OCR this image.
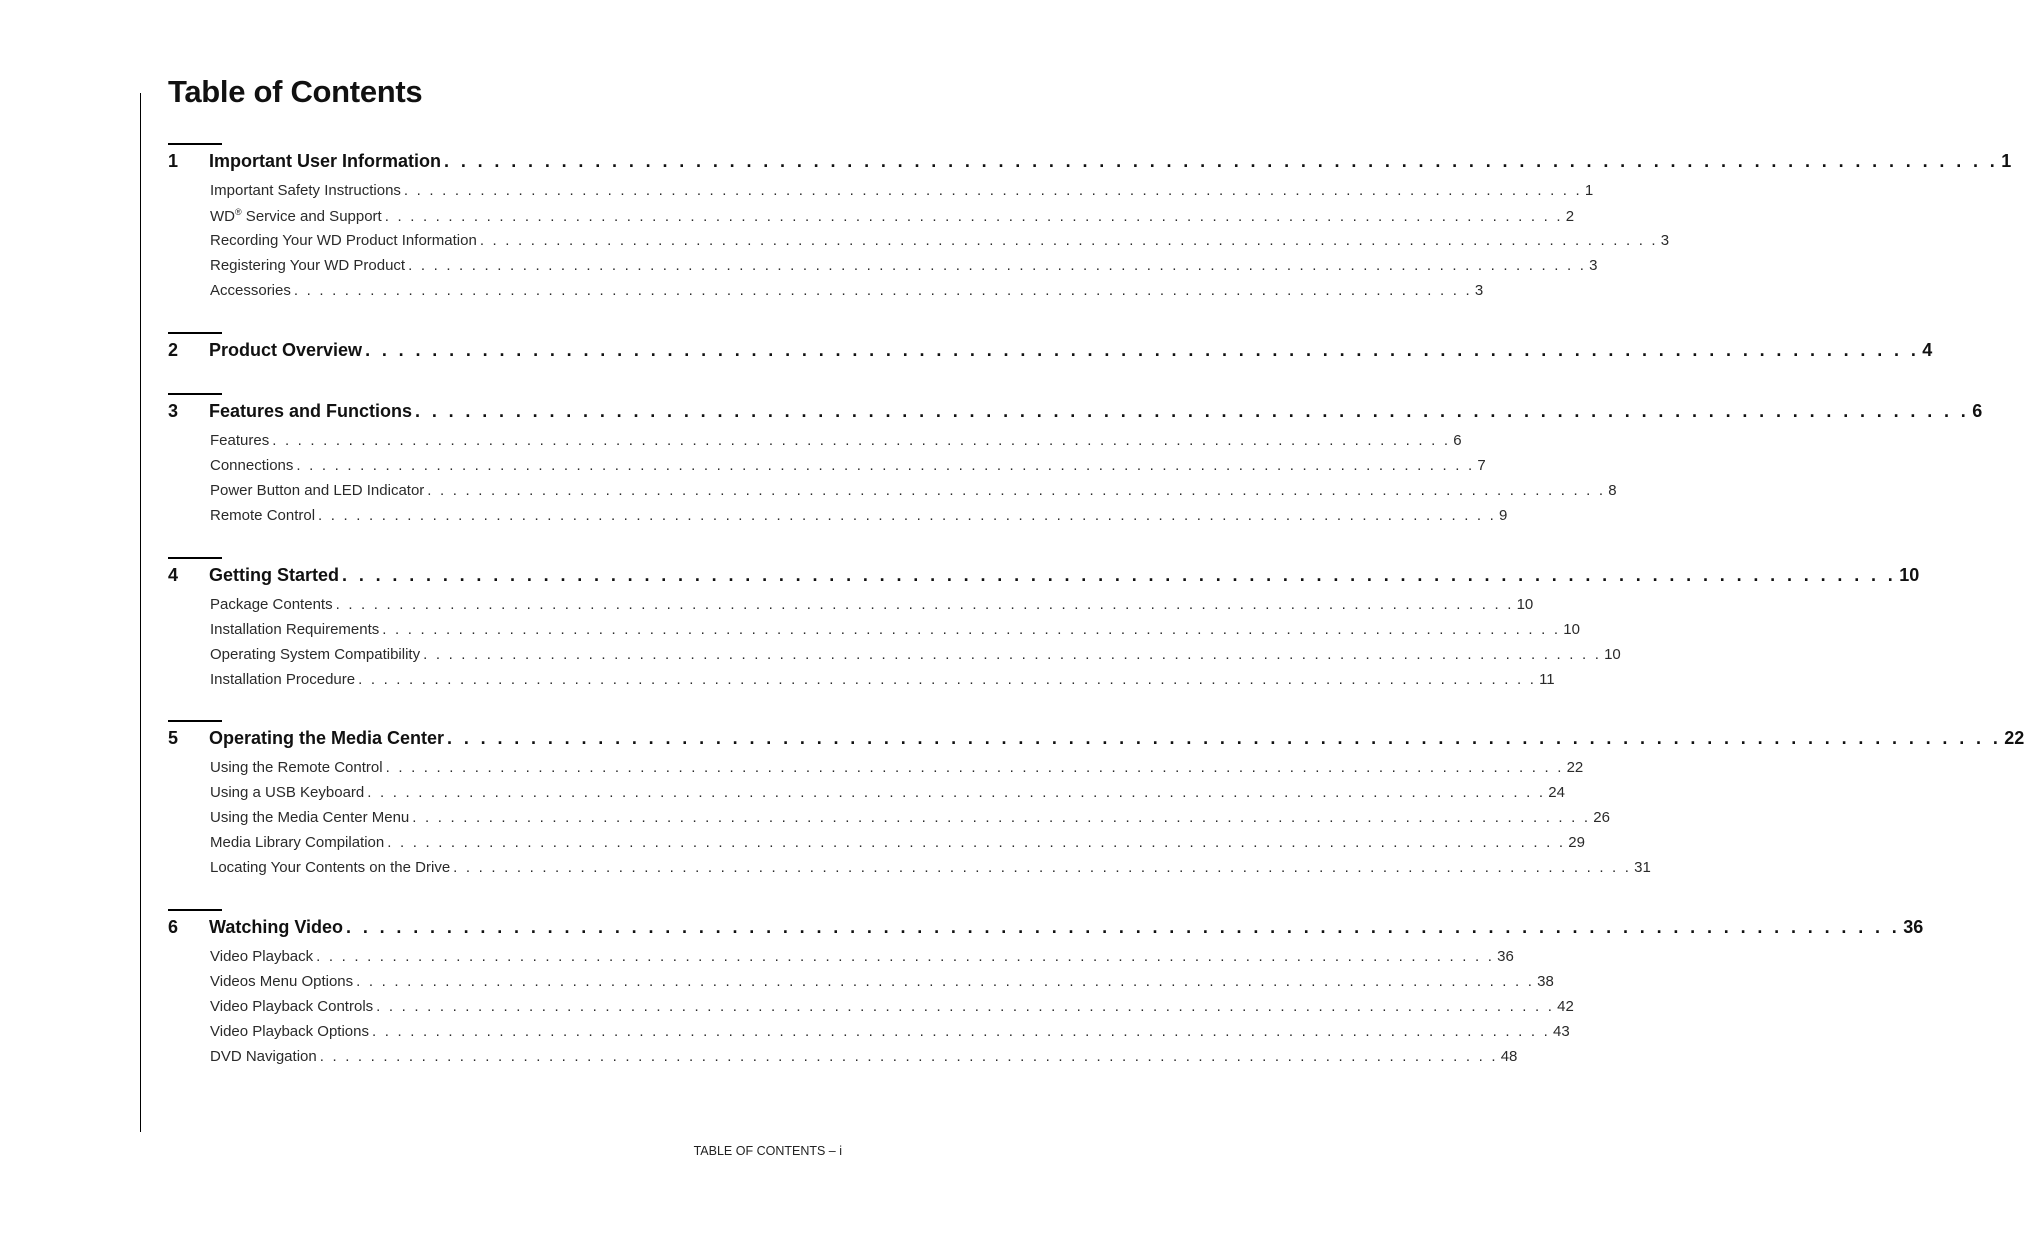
Table of Contents
1	Important User Information . . . . . . . . . . . . . . . . . . . . . . . . . . . . . . . . . . . . . . . . . . . . . . . . . . . . . . . . . . . . . . . . . . . . . . . . . . . . . . . . . . . . . . . . . . . . . 1
Important Safety Instructions . . . . . . . . . . . . . . . . . . . . . . . . . . . . . . . . . . . . . . . . . . . . . . . . . . . . . . . . . . . . . . . . . . . . . . . . . . . . . . . . . . . . . . . . . . . . . 1
WD® Service and Support . . . . . . . . . . . . . . . . . . . . . . . . . . . . . . . . . . . . . . . . . . . . . . . . . . . . . . . . . . . . . . . . . . . . . . . . . . . . . . . . . . . . . . . . . . . . . 2
Recording Your WD Product Information . . . . . . . . . . . . . . . . . . . . . . . . . . . . . . . . . . . . . . . . . . . . . . . . . . . . . . . . . . . . . . . . . . . . . . . . . . . . . . . . . . . . . . . . . . . . . 3
Registering Your WD Product . . . . . . . . . . . . . . . . . . . . . . . . . . . . . . . . . . . . . . . . . . . . . . . . . . . . . . . . . . . . . . . . . . . . . . . . . . . . . . . . . . . . . . . . . . . . . 3
Accessories . . . . . . . . . . . . . . . . . . . . . . . . . . . . . . . . . . . . . . . . . . . . . . . . . . . . . . . . . . . . . . . . . . . . . . . . . . . . . . . . . . . . . . . . . . . . . 3
2	Product Overview . . . . . . . . . . . . . . . . . . . . . . . . . . . . . . . . . . . . . . . . . . . . . . . . . . . . . . . . . . . . . . . . . . . . . . . . . . . . . . . . . . . . . . . . . . . . . 4
3	Features and Functions . . . . . . . . . . . . . . . . . . . . . . . . . . . . . . . . . . . . . . . . . . . . . . . . . . . . . . . . . . . . . . . . . . . . . . . . . . . . . . . . . . . . . . . . . . . . . 6
Features . . . . . . . . . . . . . . . . . . . . . . . . . . . . . . . . . . . . . . . . . . . . . . . . . . . . . . . . . . . . . . . . . . . . . . . . . . . . . . . . . . . . . . . . . . . . . 6
Connections . . . . . . . . . . . . . . . . . . . . . . . . . . . . . . . . . . . . . . . . . . . . . . . . . . . . . . . . . . . . . . . . . . . . . . . . . . . . . . . . . . . . . . . . . . . . . 7
Power Button and LED Indicator . . . . . . . . . . . . . . . . . . . . . . . . . . . . . . . . . . . . . . . . . . . . . . . . . . . . . . . . . . . . . . . . . . . . . . . . . . . . . . . . . . . . . . . . . . . . . 8
Remote Control . . . . . . . . . . . . . . . . . . . . . . . . . . . . . . . . . . . . . . . . . . . . . . . . . . . . . . . . . . . . . . . . . . . . . . . . . . . . . . . . . . . . . . . . . . . . . 9
4	Getting Started . . . . . . . . . . . . . . . . . . . . . . . . . . . . . . . . . . . . . . . . . . . . . . . . . . . . . . . . . . . . . . . . . . . . . . . . . . . . . . . . . . . . . . . . . . . . . 10
Package Contents . . . . . . . . . . . . . . . . . . . . . . . . . . . . . . . . . . . . . . . . . . . . . . . . . . . . . . . . . . . . . . . . . . . . . . . . . . . . . . . . . . . . . . . . . . . . . 10
Installation Requirements . . . . . . . . . . . . . . . . . . . . . . . . . . . . . . . . . . . . . . . . . . . . . . . . . . . . . . . . . . . . . . . . . . . . . . . . . . . . . . . . . . . . . . . . . . . . . 10
Operating System Compatibility . . . . . . . . . . . . . . . . . . . . . . . . . . . . . . . . . . . . . . . . . . . . . . . . . . . . . . . . . . . . . . . . . . . . . . . . . . . . . . . . . . . . . . . . . . . . . 10
Installation Procedure . . . . . . . . . . . . . . . . . . . . . . . . . . . . . . . . . . . . . . . . . . . . . . . . . . . . . . . . . . . . . . . . . . . . . . . . . . . . . . . . . . . . . . . . . . . . . 11
5	Operating the Media Center . . . . . . . . . . . . . . . . . . . . . . . . . . . . . . . . . . . . . . . . . . . . . . . . . . . . . . . . . . . . . . . . . . . . . . . . . . . . . . . . . . . . . . . . . . . . . 22
Using the Remote Control . . . . . . . . . . . . . . . . . . . . . . . . . . . . . . . . . . . . . . . . . . . . . . . . . . . . . . . . . . . . . . . . . . . . . . . . . . . . . . . . . . . . . . . . . . . . . 22
Using a USB Keyboard . . . . . . . . . . . . . . . . . . . . . . . . . . . . . . . . . . . . . . . . . . . . . . . . . . . . . . . . . . . . . . . . . . . . . . . . . . . . . . . . . . . . . . . . . . . . . 24
Using the Media Center Menu . . . . . . . . . . . . . . . . . . . . . . . . . . . . . . . . . . . . . . . . . . . . . . . . . . . . . . . . . . . . . . . . . . . . . . . . . . . . . . . . . . . . . . . . . . . . . 26
Media Library Compilation . . . . . . . . . . . . . . . . . . . . . . . . . . . . . . . . . . . . . . . . . . . . . . . . . . . . . . . . . . . . . . . . . . . . . . . . . . . . . . . . . . . . . . . . . . . . . 29
Locating Your Contents on the Drive . . . . . . . . . . . . . . . . . . . . . . . . . . . . . . . . . . . . . . . . . . . . . . . . . . . . . . . . . . . . . . . . . . . . . . . . . . . . . . . . . . . . . . . . . . . . . 31
6	Watching Video . . . . . . . . . . . . . . . . . . . . . . . . . . . . . . . . . . . . . . . . . . . . . . . . . . . . . . . . . . . . . . . . . . . . . . . . . . . . . . . . . . . . . . . . . . . . . 36
Video Playback . . . . . . . . . . . . . . . . . . . . . . . . . . . . . . . . . . . . . . . . . . . . . . . . . . . . . . . . . . . . . . . . . . . . . . . . . . . . . . . . . . . . . . . . . . . . . 36
Videos Menu Options . . . . . . . . . . . . . . . . . . . . . . . . . . . . . . . . . . . . . . . . . . . . . . . . . . . . . . . . . . . . . . . . . . . . . . . . . . . . . . . . . . . . . . . . . . . . . 38
Video Playback Controls . . . . . . . . . . . . . . . . . . . . . . . . . . . . . . . . . . . . . . . . . . . . . . . . . . . . . . . . . . . . . . . . . . . . . . . . . . . . . . . . . . . . . . . . . . . . . 42
Video Playback Options . . . . . . . . . . . . . . . . . . . . . . . . . . . . . . . . . . . . . . . . . . . . . . . . . . . . . . . . . . . . . . . . . . . . . . . . . . . . . . . . . . . . . . . . . . . . . 43
DVD Navigation . . . . . . . . . . . . . . . . . . . . . . . . . . . . . . . . . . . . . . . . . . . . . . . . . . . . . . . . . . . . . . . . . . . . . . . . . . . . . . . . . . . . . . . . . . . . . 48
TABLE OF CONTENTS – i
